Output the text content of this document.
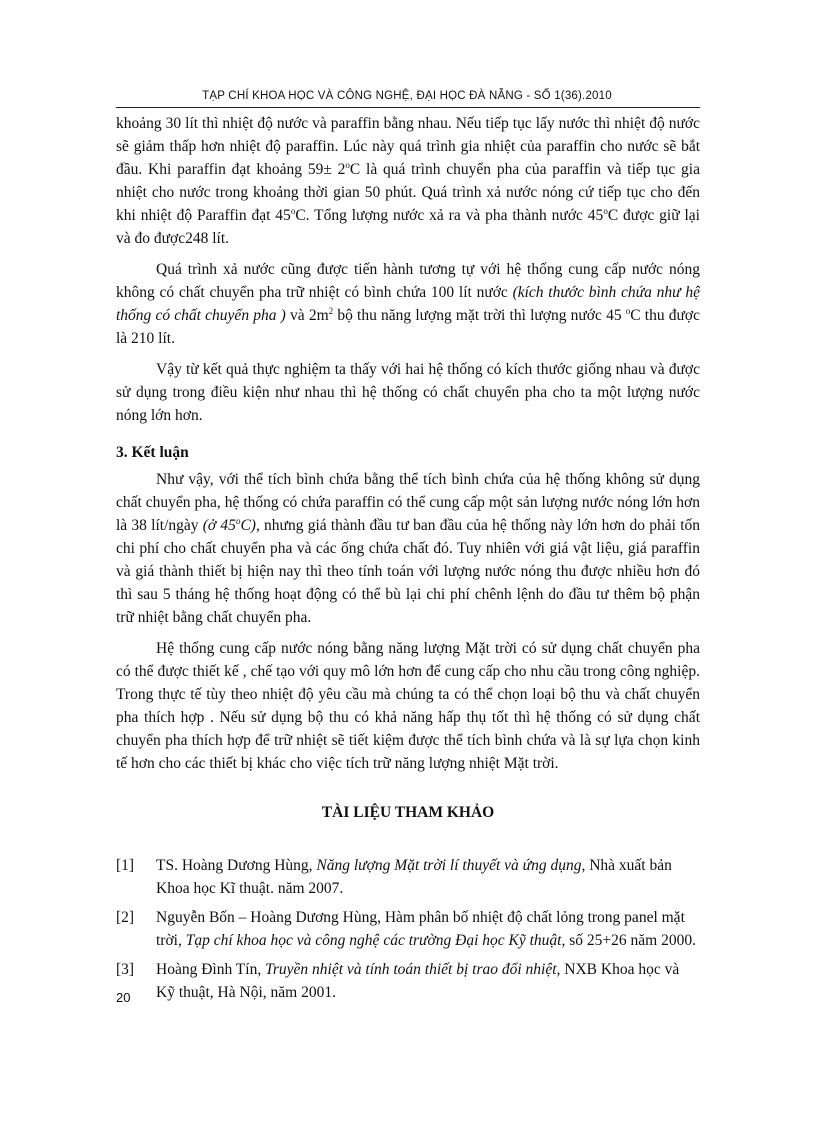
TẠP CHÍ KHOA HỌC VÀ CÔNG NGHỆ, ĐẠI HỌC ĐÀ NẴNG - SỐ 1(36).2010

khoảng 30 lít thì nhiệt độ nước và paraffin bằng nhau. Nếu tiếp tục lấy nước thì nhiệt độ nước sẽ giảm thấp hơn nhiệt độ paraffin. Lúc này quá trình gia nhiệt của paraffin cho nước sẽ bắt đầu. Khi paraffin đạt khoảng $59\pm 2^oC$ là quá trình chuyển pha của paraffin và tiếp tục gia nhiệt cho nước trong khoảng thời gian 50 phút. Quá trình xả nước nóng cứ tiếp tục cho đến khi nhiệt độ Paraffin đạt 45$^o$C. Tổng lượng nước xả ra và pha thành nước 45$^o$C được giữ lại và đo được248 lít.

Quá trình xả nước cũng được tiến hành tương tự với hệ thống cung cấp nước nóng không có chất chuyển pha trữ nhiệt có bình chứa 100 lít nước (kích thước bình chứa như hệ thống có chất chuyển pha ) và $2m^2$ bộ thu năng lượng mặt trời thì lượng nước 45 $^o$C thu được là 210 lít.

Vậy từ kết quả thực nghiệm ta thấy với hai hệ thống có kích thước giống nhau và được sử dụng trong điều kiện như nhau thì hệ thống có chất chuyển pha cho ta một lượng nước nóng lớn hơn.

3. Kết luận

Như vậy, với thể tích bình chứa bằng thể tích bình chứa của hệ thống không sử dụng chất chuyển pha, hệ thống có chứa paraffin có thể cung cấp một sản lượng nước nóng lớn hơn là 38 lít/ngày (ở 45$^o$C), nhưng giá thành đầu tư ban đầu của hệ thống này lớn hơn do phải tốn chi phí cho chất chuyển pha và các ống chứa chất đó. Tuy nhiên với giá vật liệu, giá paraffin và giá thành thiết bị hiện nay thì theo tính toán với lượng nước nóng thu được nhiều hơn đó thì sau 5 tháng hệ thống hoạt động có thể bù lại chi phí chênh lệnh do đầu tư thêm bộ phận trữ nhiệt bằng chất chuyển pha.

Hệ thống cung cấp nước nóng bằng năng lượng Mặt trời có sử dụng chất chuyển pha có thể được thiết kế , chế tạo với quy mô lớn hơn để cung cấp cho nhu cầu trong công nghiệp. Trong thực tế tùy theo nhiệt độ yêu cầu mà chúng ta có thể chọn loại bộ thu và chất chuyển pha thích hợp . Nếu sử dụng bộ thu có khả năng hấp thụ tốt thì hệ thống có sử dụng chất chuyển pha thích hợp để trữ nhiệt sẽ tiết kiệm được thể tích bình chứa và là sự lựa chọn kinh tế hơn cho các thiết bị khác cho việc tích trữ năng lượng nhiệt Mặt trời.

TÀI LIỆU THAM KHẢO
[1]	TS. Hoàng Dương Hùng, Năng lượng Mặt trời lí thuyết và ứng dụng, Nhà xuất bản Khoa học Kĩ thuật. năm 2007.
[2]	Nguyễn Bốn – Hoàng Dương Hùng, Hàm phân bố nhiệt độ chất lỏng trong panel mặt trời, Tạp chí khoa học và công nghệ các trường Đại học Kỹ thuật, số 25+26 năm 2000.
[3]	Hoàng Đình Tín, Truyền nhiệt và tính toán thiết bị trao đổi nhiệt, NXB Khoa học và Kỹ thuật, Hà Nội, năm 2001.
20
